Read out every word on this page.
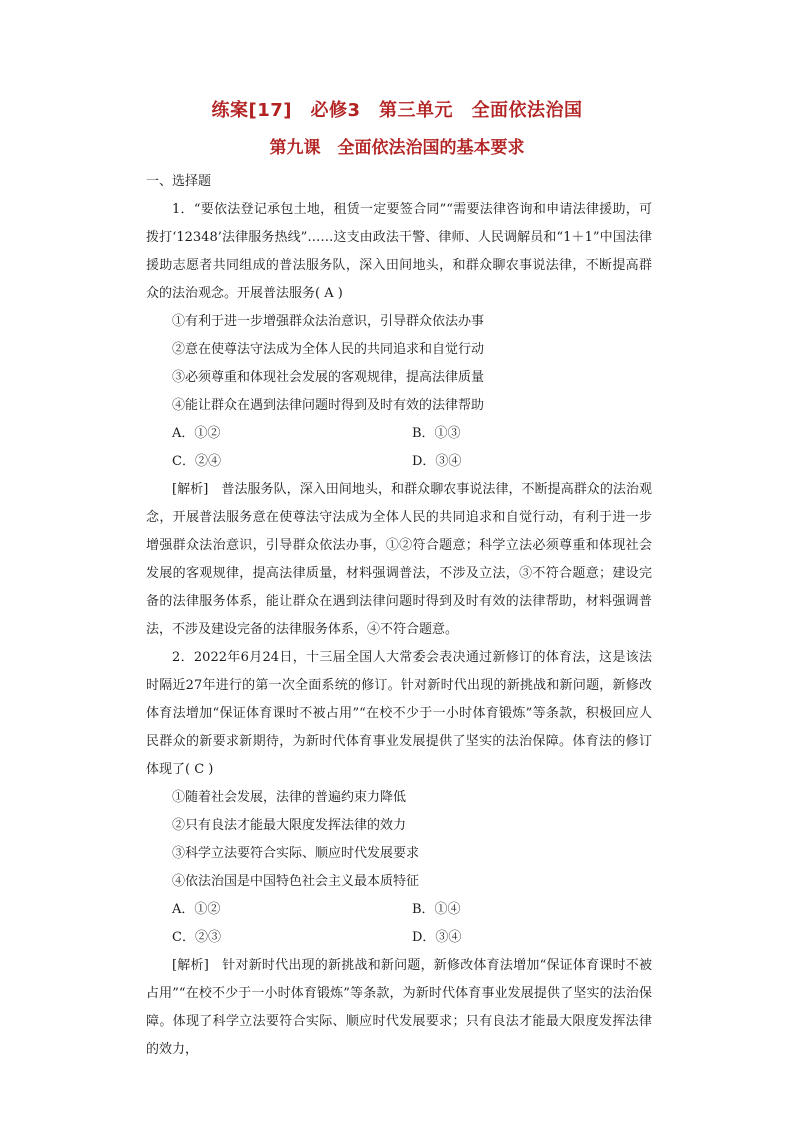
练案[17]　必修3　第三单元　全面依法治国
第九课　全面依法治国的基本要求

一、选择题

1．“要依法登记承包土地，租赁一定要签合同”“需要法律咨询和申请法律援助，可拨打‘12348’法律服务热线”……这支由政法干警、律师、人民调解员和“1＋1”中国法律援助志愿者共同组成的普法服务队，深入田间地头，和群众聊农事说法律，不断提高群众的法治观念。开展普法服务( A )

①有利于进一步增强群众法治意识，引导群众依法办事

②意在使尊法守法成为全体人民的共同追求和自觉行动

③必须尊重和体现社会发展的客观规律，提高法律质量

④能让群众在遇到法律问题时得到及时有效的法律帮助

A．①②	B．①③
C．②④	D．③④

[解析]　普法服务队，深入田间地头，和群众聊农事说法律，不断提高群众的法治观念，开展普法服务意在使尊法守法成为全体人民的共同追求和自觉行动，有利于进一步增强群众法治意识，引导群众依法办事，①②符合题意；科学立法必须尊重和体现社会发展的客观规律，提高法律质量，材料强调普法，不涉及立法，③不符合题意；建设完备的法律服务体系，能让群众在遇到法律问题时得到及时有效的法律帮助，材料强调普法，不涉及建设完备的法律服务体系，④不符合题意。

2．2022年6月24日，十三届全国人大常委会表决通过新修订的体育法，这是该法时隔近27年进行的第一次全面系统的修订。针对新时代出现的新挑战和新问题，新修改体育法增加“保证体育课时不被占用”“在校不少于一小时体育锻炼”等条款，积极回应人民群众的新要求新期待，为新时代体育事业发展提供了坚实的法治保障。体育法的修订体现了( C )

①随着社会发展，法律的普遍约束力降低

②只有良法才能最大限度发挥法律的效力

③科学立法要符合实际、顺应时代发展要求

④依法治国是中国特色社会主义最本质特征

A．①②	B．①④
C．②③	D．③④

[解析]　针对新时代出现的新挑战和新问题，新修改体育法增加“保证体育课时不被占用”“在校不少于一小时体育锻炼”等条款，为新时代体育事业发展提供了坚实的法治保障。体现了科学立法要符合实际、顺应时代发展要求；只有良法才能最大限度发挥法律的效力，
